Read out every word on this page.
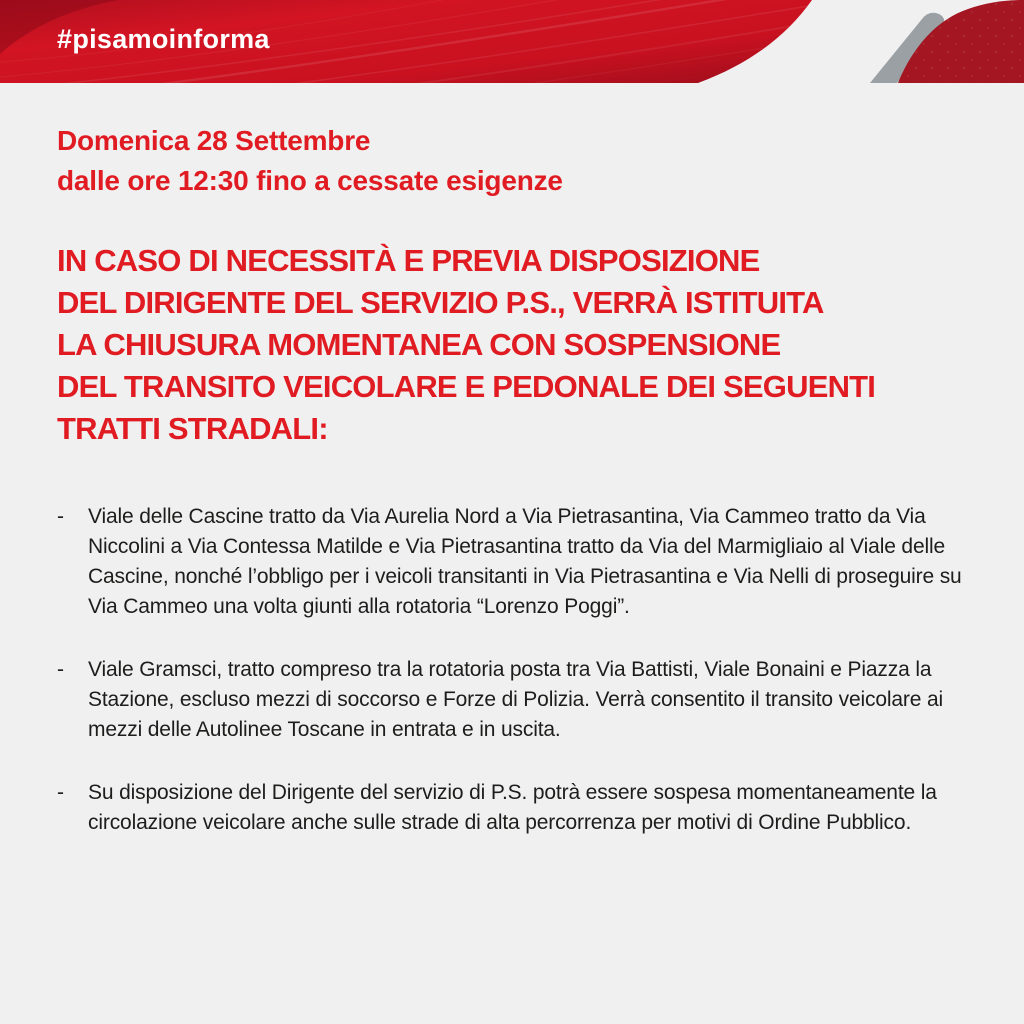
#pisamoinforma
Domenica 28 Settembre
dalle ore 12:30 fino a cessate esigenze
IN CASO DI NECESSITÀ E PREVIA DISPOSIZIONE
DEL DIRIGENTE DEL SERVIZIO P.S., VERRÀ ISTITUITA
LA CHIUSURA MOMENTANEA CON SOSPENSIONE
DEL TRANSITO VEICOLARE E PEDONALE DEI SEGUENTI
TRATTI STRADALI:
-	Viale delle Cascine tratto da Via Aurelia Nord a Via Pietrasantina, Via Cammeo tratto da Via Niccolini a Via Contessa Matilde e Via Pietrasantina tratto da Via del Marmigliaio al Viale delle Cascine, nonché l’obbligo per i veicoli transitanti in Via Pietrasantina e Via Nelli di proseguire su Via Cammeo una volta giunti alla rotatoria “Lorenzo Poggi”.
-	Viale Gramsci, tratto compreso tra la rotatoria posta tra Via Battisti, Viale Bonaini e Piazza la Stazione, escluso mezzi di soccorso e Forze di Polizia. Verrà consentito il transito veicolare ai mezzi delle Autolinee Toscane in entrata e in uscita.
-	Su disposizione del Dirigente del servizio di P.S. potrà essere sospesa momentaneamente la circolazione veicolare anche sulle strade di alta percorrenza per motivi di Ordine Pubblico.
